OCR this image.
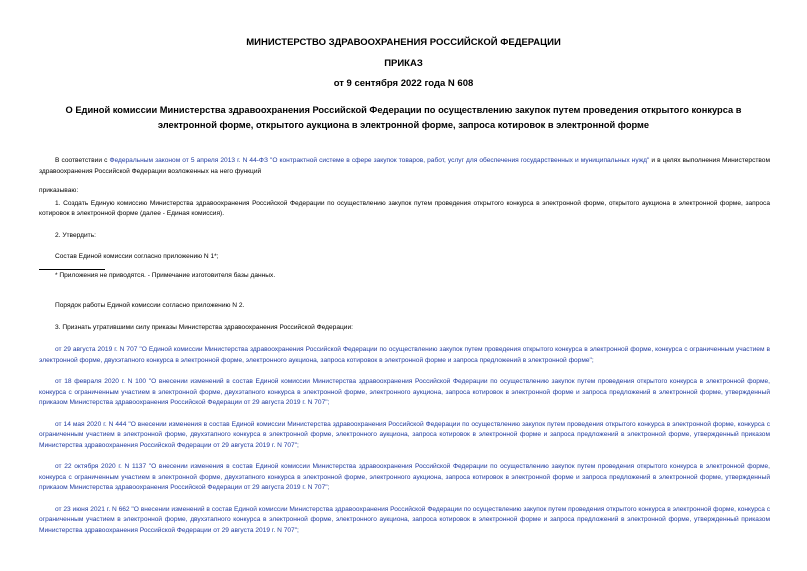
МИНИСТЕРСТВО ЗДРАВООХРАНЕНИЯ РОССИЙСКОЙ ФЕДЕРАЦИИ

ПРИКАЗ

от 9 сентября 2022 года N 608

О Единой комиссии Министерства здравоохранения Российской Федерации по осуществлению закупок путем проведения открытого конкурса в электронной форме, открытого аукциона в электронной форме, запроса котировок в электронной форме

В соответствии с Федеральным законом от 5 апреля 2013 г. N 44-ФЗ "О контрактной системе в сфере закупок товаров, работ, услуг для обеспечения государственных и муниципальных нужд" и в целях выполнения Министерством здравоохранения Российской Федерации возложенных на него функций

приказываю:

1. Создать Единую комиссию Министерства здравоохранения Российской Федерации по осуществлению закупок путем проведения открытого конкурса в электронной форме, открытого аукциона в электронной форме, запроса котировок в электронной форме (далее - Единая комиссия).

2. Утвердить:

Состав Единой комиссии согласно приложению N 1*;

* Приложения не приводятся. - Примечание изготовителя базы данных.

Порядок работы Единой комиссии согласно приложению N 2.

3. Признать утратившими силу приказы Министерства здравоохранения Российской Федерации:

от 29 августа 2019 г. N 707 "О Единой комиссии Министерства здравоохранения Российской Федерации по осуществлению закупок путем проведения открытого конкурса в электронной форме, конкурса с ограниченным участием в электронной форме, двухэтапного конкурса в электронной форме, электронного аукциона, запроса котировок в электронной форме и запроса предложений в электронной форме";

от 18 февраля 2020 г. N 100 "О внесении изменений в состав Единой комиссии Министерства здравоохранения Российской Федерации по осуществлению закупок путем проведения открытого конкурса в электронной форме, конкурса с ограниченным участием в электронной форме, двухэтапного конкурса в электронной форме, электронного аукциона, запроса котировок в электронной форме и запроса предложений в электронной форме, утвержденный приказом Министерства здравоохранения Российской Федерации от 29 августа 2019 г. N 707";

от 14 мая 2020 г. N 444 "О внесении изменения в состав Единой комиссии Министерства здравоохранения Российской Федерации по осуществлению закупок путем проведения открытого конкурса в электронной форме, конкурса с ограниченным участием в электронной форме, двухэтапного конкурса в электронной форме, электронного аукциона, запроса котировок в электронной форме и запроса предложений в электронной форме, утвержденный приказом Министерства здравоохранения Российской Федерации от 29 августа 2019 г. N 707";

от 22 октября 2020 г. N 1137 "О внесении изменения в состав Единой комиссии Министерства здравоохранения Российской Федерации по осуществлению закупок путем проведения открытого конкурса в электронной форме, конкурса с ограниченным участием в электронной форме, двухэтапного конкурса в электронной форме, электронного аукциона, запроса котировок в электронной форме и запроса предложений в электронной форме, утвержденный приказом Министерства здравоохранения Российской Федерации от 29 августа 2019 г. N 707";

от 23 июня 2021 г. N 662 "О внесении изменений в состав Единой комиссии Министерства здравоохранения Российской Федерации по осуществлению закупок путем проведения открытого конкурса в электронной форме, конкурса с ограниченным участием в электронной форме, двухэтапного конкурса в электронной форме, электронного аукциона, запроса котировок в электронной форме и запроса предложений в электронной форме, утвержденный приказом Министерства здравоохранения Российской Федерации от 29 августа 2019 г. N 707";
